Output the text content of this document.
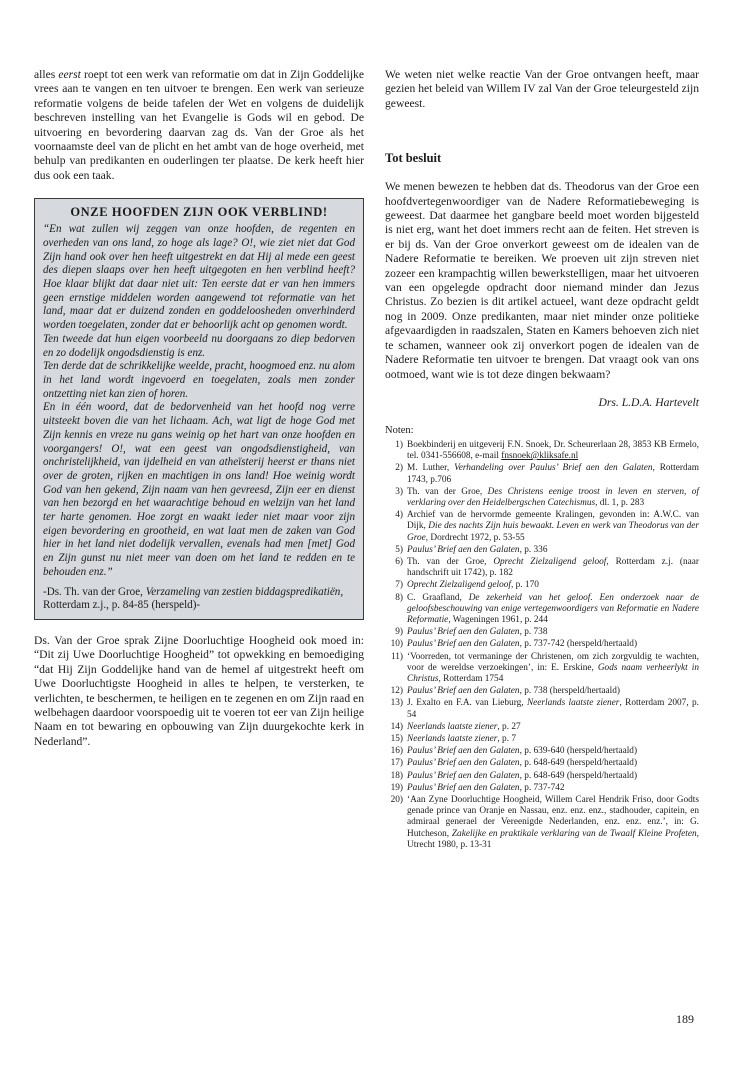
alles eerst roept tot een werk van reformatie om dat in Zijn Goddelijke vrees aan te vangen en ten uitvoer te brengen. Een werk van serieuze reformatie volgens de beide tafelen der Wet en volgens de duidelijk beschreven instelling van het Evangelie is Gods wil en gebod. De uitvoering en bevordering daarvan zag ds. Van der Groe als het voornaamste deel van de plicht en het ambt van de hoge overheid, met behulp van predikanten en ouderlingen ter plaatse. De kerk heeft hier dus ook een taak.

ONZE HOOFDEN ZIJN OOK VERBLIND!

“En wat zullen wij zeggen van onze hoofden, de regenten en overheden van ons land, zo hoge als lage? O!, wie ziet niet dat God Zijn hand ook over hen heeft uitgestrekt en dat Hij al mede een geest des diepen slaaps over hen heeft uitgegoten en hen verblind heeft? Hoe klaar blijkt dat daar niet uit: Ten eerste dat er van hen immers geen ernstige middelen worden aangewend tot reformatie van het land, maar dat er duizend zonden en goddeloosheden onverhinderd worden toegelaten, zonder dat er behoorlijk acht op genomen wordt.

Ten tweede dat hun eigen voorbeeld nu doorgaans zo diep bedorven en zo dodelijk ongodsdienstig is enz.

Ten derde dat de schrikkelijke weelde, pracht, hoogmoed enz. nu alom in het land wordt ingevoerd en toegelaten, zoals men zonder ontzetting niet kan zien of horen.

En in één woord, dat de bedorvenheid van het hoofd nog verre uitsteekt boven die van het lichaam. Ach, wat ligt de hoge God met Zijn kennis en vreze nu gans weinig op het hart van onze hoofden en voorgangers! O!, wat een geest van ongodsdienstigheid, van onchristelijkheid, van ijdelheid en van atheïsterij heerst er thans niet over de groten, rijken en machtigen in ons land! Hoe weinig wordt God van hen gekend, Zijn naam van hen gevreesd, Zijn eer en dienst van hen bezorgd en het waarachtige behoud en welzijn van het land ter harte genomen. Hoe zorgt en waakt ieder niet maar voor zijn eigen bevordering en grootheid, en wat laat men de zaken van God hier in het land niet dodelijk vervallen, evenals had men [met] God en Zijn gunst nu niet meer van doen om het land te redden en te behouden enz.”

-Ds. Th. van der Groe, Verzameling van zestien biddagspredikatiën, Rotterdam z.j., p. 84-85 (herspeld)-

Ds. Van der Groe sprak Zijne Doorluchtige Hoogheid ook moed in: “Dit zij Uwe Doorluchtige Hoogheid” tot opwekking en bemoediging “dat Hij Zijn Goddelijke hand van de hemel af uitgestrekt heeft om Uwe Doorluchtigste Hoogheid in alles te helpen, te versterken, te verlichten, te beschermen, te heiligen en te zegenen en om Zijn raad en welbehagen daardoor voorspoedig uit te voeren tot eer van Zijn heilige Naam en tot bewaring en opbouwing van Zijn duurgekochte kerk in Nederland”.

We weten niet welke reactie Van der Groe ontvangen heeft, maar gezien het beleid van Willem IV zal Van der Groe teleurgesteld zijn geweest.

Tot besluit

We menen bewezen te hebben dat ds. Theodorus van der Groe een hoofdvertegenwoordiger van de Nadere Reformatiebeweging is geweest. Dat daarmee het gangbare beeld moet worden bijgesteld is niet erg, want het doet immers recht aan de feiten. Het streven is er bij ds. Van der Groe onverkort geweest om de idealen van de Nadere Reformatie te bereiken. We proeven uit zijn streven niet zozeer een krampachtig willen bewerkstelligen, maar het uitvoeren van een opgelegde opdracht door niemand minder dan Jezus Christus. Zo bezien is dit artikel actueel, want deze opdracht geldt nog in 2009. Onze predikanten, maar niet minder onze politieke afgevaardigden in raadszalen, Staten en Kamers behoeven zich niet te schamen, wanneer ook zij onverkort pogen de idealen van de Nadere Reformatie ten uitvoer te brengen. Dat vraagt ook van ons ootmoed, want wie is tot deze dingen bekwaam?

Drs. L.D.A. Hartevelt

Noten:

1) Boekbinderij en uitgeverij F.N. Snoek, Dr. Scheurerlaan 28, 3853 KB Ermelo, tel. 0341-556608, e-mail fnsnoek@kliksafe.nl
2) M. Luther, Verhandeling over Paulus’ Brief aen den Galaten, Rotterdam 1743, p.706
3) Th. van der Groe, Des Christens eenige troost in leven en sterven, of verklaring over den Heidelbergschen Catechismus, dl. 1, p. 283
4) Archief van de hervormde gemeente Kralingen, gevonden in: A.W.C. van Dijk, Die des nachts Zijn huis bewaakt. Leven en werk van Theodorus van der Groe, Dordrecht 1972, p. 53-55
5) Paulus’ Brief aen den Galaten, p. 336
6) Th. van der Groe, Oprecht Zielzaligend geloof, Rotterdam z.j. (naar handschrift uit 1742), p. 182
7) Oprecht Zielzaligend geloof, p. 170
8) C. Graafland, De zekerheid van het geloof. Een onderzoek naar de geloofsbeschouwing van enige vertegenwoordigers van Reformatie en Nadere Reformatie, Wageningen 1961, p. 244
9) Paulus’ Brief aen den Galaten, p. 738
10) Paulus’ Brief aen den Galaten, p. 737-742 (herspeld/hertaald)
11) ‘Voorreden, tot vermaninge der Christenen, om zich zorgvuldig te wachten, voor de wereldse verzoekingen’, in: E. Erskine, Gods naam verheerlykt in Christus, Rotterdam 1754
12) Paulus’ Brief aen den Galaten, p. 738 (herspeld/hertaald)
13) J. Exalto en F.A. van Lieburg, Neerlands laatste ziener, Rotterdam 2007, p. 54
14) Neerlands laatste ziener, p. 27
15) Neerlands laatste ziener, p. 7
16) Paulus’ Brief aen den Galaten, p. 639-640 (herspeld/hertaald)
17) Paulus’ Brief aen den Galaten, p. 648-649 (herspeld/hertaald)
18) Paulus’ Brief aen den Galaten, p. 648-649 (herspeld/hertaald)
19) Paulus’ Brief aen den Galaten, p. 737-742
20) ‘Aan Zyne Doorluchtige Hoogheid, Willem Carel Hendrik Friso, door Godts genade prince van Oranje en Nassau, enz. enz. enz., stadhouder, capitein, en admiraal generael der Vereenigde Nederlanden, enz. enz. enz.’, in: G. Hutcheson, Zakelijke en praktikale verklaring van de Twaalf Kleine Profeten, Utrecht 1980, p. 13-31
189
